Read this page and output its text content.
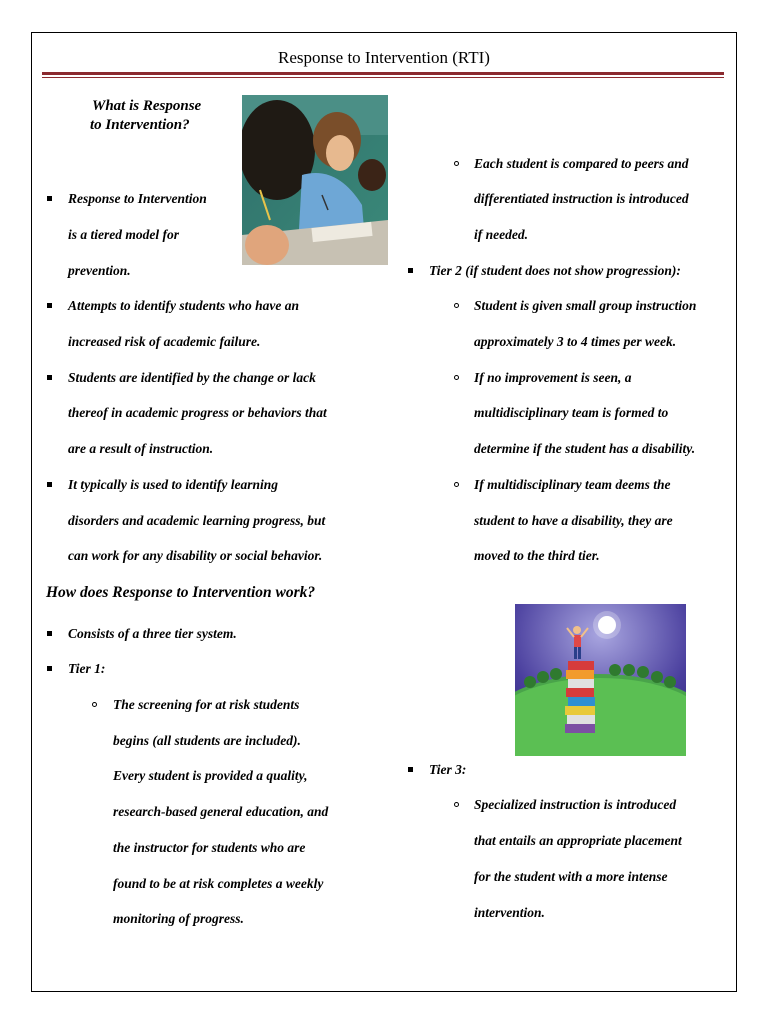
Response to Intervention (RTI)
What is Response
to Intervention?
Response to Intervention
is a tiered model for
prevention.
Attempts to identify students who have an
increased risk of academic failure.
Students are identified by the change or lack
thereof in academic progress or behaviors that
are a result of instruction.
It typically is used to identify learning
disorders and academic learning progress, but
can work for any disability or social behavior.
How does Response to Intervention work?
Consists of a three tier system.
Tier 1:
The screening for at risk students
begins (all students are included).
Every student is provided a quality,
research-based general education, and
the instructor for students who are
found to be at risk completes a weekly
monitoring of progress.
Each student is compared to peers and
differentiated instruction is introduced
if needed.
Tier 2 (if student does not show progression):
Student is given small group instruction
approximately 3 to 4 times per week.
If no improvement is seen, a
multidisciplinary team is formed to
determine if the student has a disability.
If multidisciplinary team deems the
student to have a disability, they are
moved to the third tier.
Tier 3:
Specialized instruction is introduced
that entails an appropriate placement
for the student with a more intense
intervention.
